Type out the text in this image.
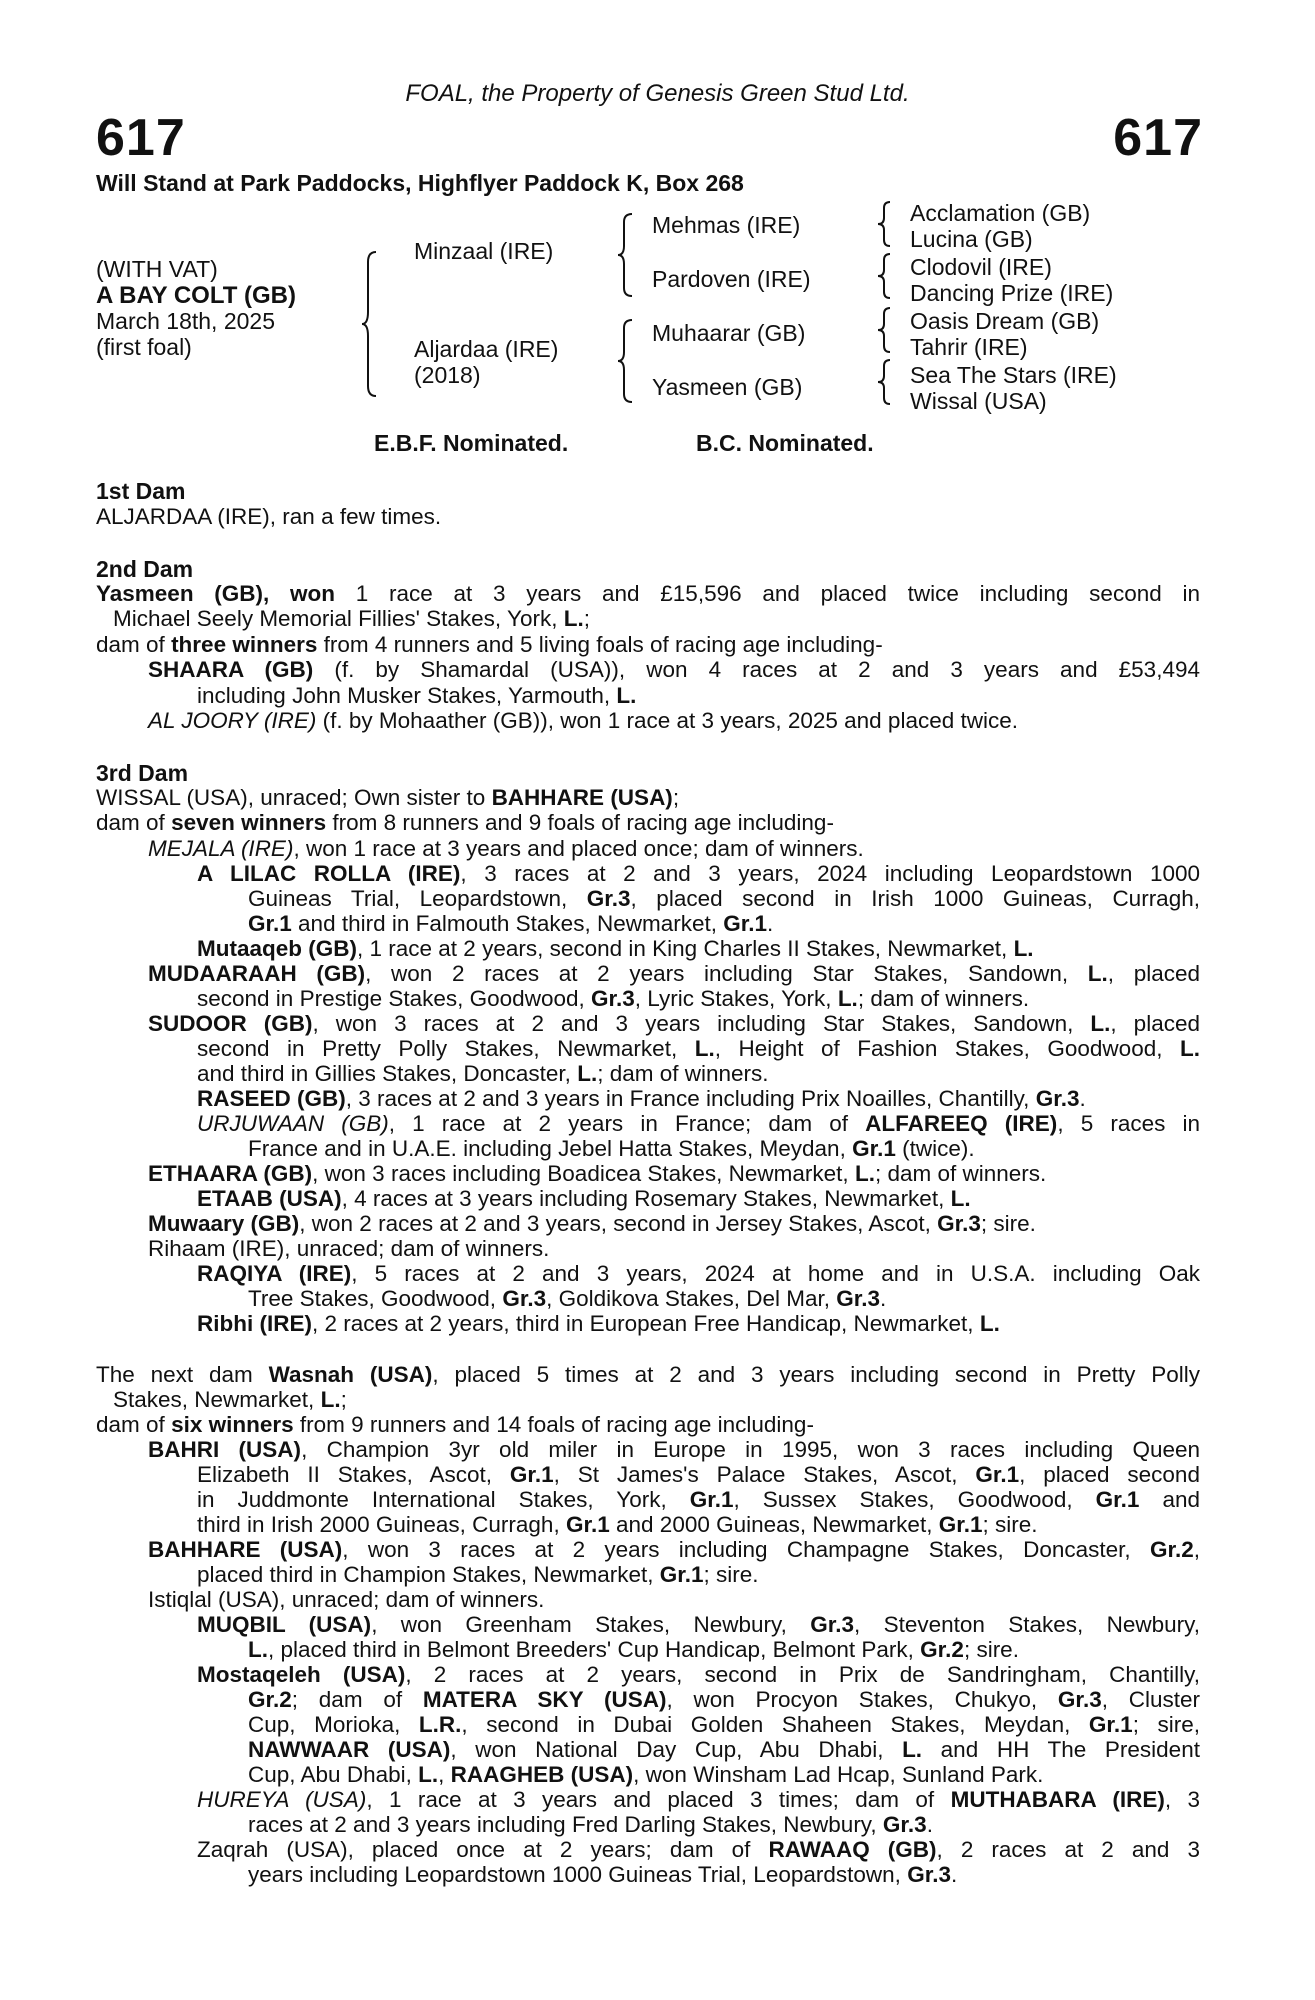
FOAL, the Property of Genesis Green Stud Ltd.
617	617
Will Stand at Park Paddocks, Highflyer Paddock K, Box 268
(WITH VAT)
A BAY COLT (GB)
March 18th, 2025
(first foal)
Minzaal (IRE)
Aljardaa (IRE)
(2018)
Mehmas (IRE)
Pardoven (IRE)
Muhaarar (GB)
Yasmeen (GB)
Acclamation (GB)
Lucina (GB)
Clodovil (IRE)
Dancing Prize (IRE)
Oasis Dream (GB)
Tahrir (IRE)
Sea The Stars (IRE)
Wissal (USA)
E.B.F. Nominated.	B.C. Nominated.
1st Dam
ALJARDAA (IRE), ran a few times.
2nd Dam
Yasmeen (GB), won 1 race at 3 years and £15,596 and placed twice including second in
Michael Seely Memorial Fillies' Stakes, York, L.;
dam of three winners from 4 runners and 5 living foals of racing age including-
SHAARA (GB) (f. by Shamardal (USA)), won 4 races at 2 and 3 years and £53,494
including John Musker Stakes, Yarmouth, L.
AL JOORY (IRE) (f. by Mohaather (GB)), won 1 race at 3 years, 2025 and placed twice.
3rd Dam
WISSAL (USA), unraced; Own sister to BAHHARE (USA);
dam of seven winners from 8 runners and 9 foals of racing age including-
MEJALA (IRE), won 1 race at 3 years and placed once; dam of winners.
A LILAC ROLLA (IRE), 3 races at 2 and 3 years, 2024 including Leopardstown 1000
Guineas Trial, Leopardstown, Gr.3, placed second in Irish 1000 Guineas, Curragh,
Gr.1 and third in Falmouth Stakes, Newmarket, Gr.1.
Mutaaqeb (GB), 1 race at 2 years, second in King Charles II Stakes, Newmarket, L.
MUDAARAAH (GB), won 2 races at 2 years including Star Stakes, Sandown, L., placed
second in Prestige Stakes, Goodwood, Gr.3, Lyric Stakes, York, L.; dam of winners.
SUDOOR (GB), won 3 races at 2 and 3 years including Star Stakes, Sandown, L., placed
second in Pretty Polly Stakes, Newmarket, L., Height of Fashion Stakes, Goodwood, L.
and third in Gillies Stakes, Doncaster, L.; dam of winners.
RASEED (GB), 3 races at 2 and 3 years in France including Prix Noailles, Chantilly, Gr.3.
URJUWAAN (GB), 1 race at 2 years in France; dam of ALFAREEQ (IRE), 5 races in
France and in U.A.E. including Jebel Hatta Stakes, Meydan, Gr.1 (twice).
ETHAARA (GB), won 3 races including Boadicea Stakes, Newmarket, L.; dam of winners.
ETAAB (USA), 4 races at 3 years including Rosemary Stakes, Newmarket, L.
Muwaary (GB), won 2 races at 2 and 3 years, second in Jersey Stakes, Ascot, Gr.3; sire.
Rihaam (IRE), unraced; dam of winners.
RAQIYA (IRE), 5 races at 2 and 3 years, 2024 at home and in U.S.A. including Oak
Tree Stakes, Goodwood, Gr.3, Goldikova Stakes, Del Mar, Gr.3.
Ribhi (IRE), 2 races at 2 years, third in European Free Handicap, Newmarket, L.
The next dam Wasnah (USA), placed 5 times at 2 and 3 years including second in Pretty Polly
Stakes, Newmarket, L.;
dam of six winners from 9 runners and 14 foals of racing age including-
BAHRI (USA), Champion 3yr old miler in Europe in 1995, won 3 races including Queen
Elizabeth II Stakes, Ascot, Gr.1, St James's Palace Stakes, Ascot, Gr.1, placed second
in Juddmonte International Stakes, York, Gr.1, Sussex Stakes, Goodwood, Gr.1 and
third in Irish 2000 Guineas, Curragh, Gr.1 and 2000 Guineas, Newmarket, Gr.1; sire.
BAHHARE (USA), won 3 races at 2 years including Champagne Stakes, Doncaster, Gr.2,
placed third in Champion Stakes, Newmarket, Gr.1; sire.
Istiqlal (USA), unraced; dam of winners.
MUQBIL (USA), won Greenham Stakes, Newbury, Gr.3, Steventon Stakes, Newbury,
L., placed third in Belmont Breeders' Cup Handicap, Belmont Park, Gr.2; sire.
Mostaqeleh (USA), 2 races at 2 years, second in Prix de Sandringham, Chantilly,
Gr.2; dam of MATERA SKY (USA), won Procyon Stakes, Chukyo, Gr.3, Cluster
Cup, Morioka, L.R., second in Dubai Golden Shaheen Stakes, Meydan, Gr.1; sire,
NAWWAAR (USA), won National Day Cup, Abu Dhabi, L. and HH The President
Cup, Abu Dhabi, L., RAAGHEB (USA), won Winsham Lad Hcap, Sunland Park.
HUREYA (USA), 1 race at 3 years and placed 3 times; dam of MUTHABARA (IRE), 3
races at 2 and 3 years including Fred Darling Stakes, Newbury, Gr.3.
Zaqrah (USA), placed once at 2 years; dam of RAWAAQ (GB), 2 races at 2 and 3
years including Leopardstown 1000 Guineas Trial, Leopardstown, Gr.3.
